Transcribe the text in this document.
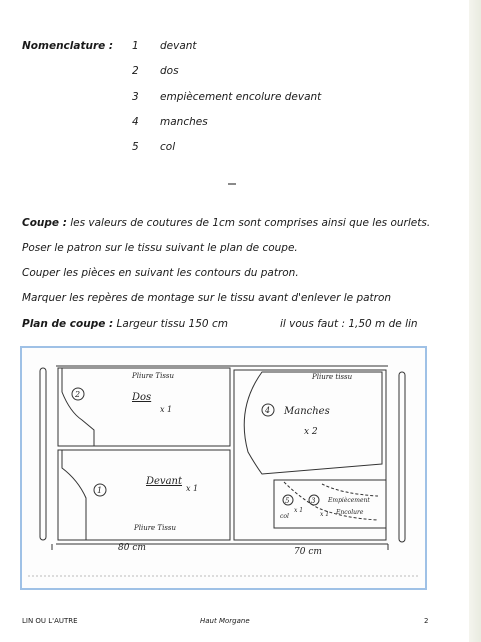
Nomenclature : 1	devant
2	dos
3	empiècement encolure devant
4	manches
5	col
Coupe : les valeurs de coutures de 1cm sont comprises ainsi que les ourlets.
Poser le patron sur le tissu suivant le plan de coupe.
Couper les pièces en suivant les contours du patron.
Marquer les repères de montage sur le tissu avant d'enlever le patron
Plan de coupe : Largeur tissu 150 cm	il vous faut : 1,50 m de lin
Pliure Tissu	Pliure tissu
Pliure Tissu
2	Dos
x 1
1
Devant
x 1
4 Manches
x 2
5
col
x 1
3 Empiècement
Encolure
x 1
80 cm	70 cm
LIN OU L'AUTRE	Haut Morgane	2
